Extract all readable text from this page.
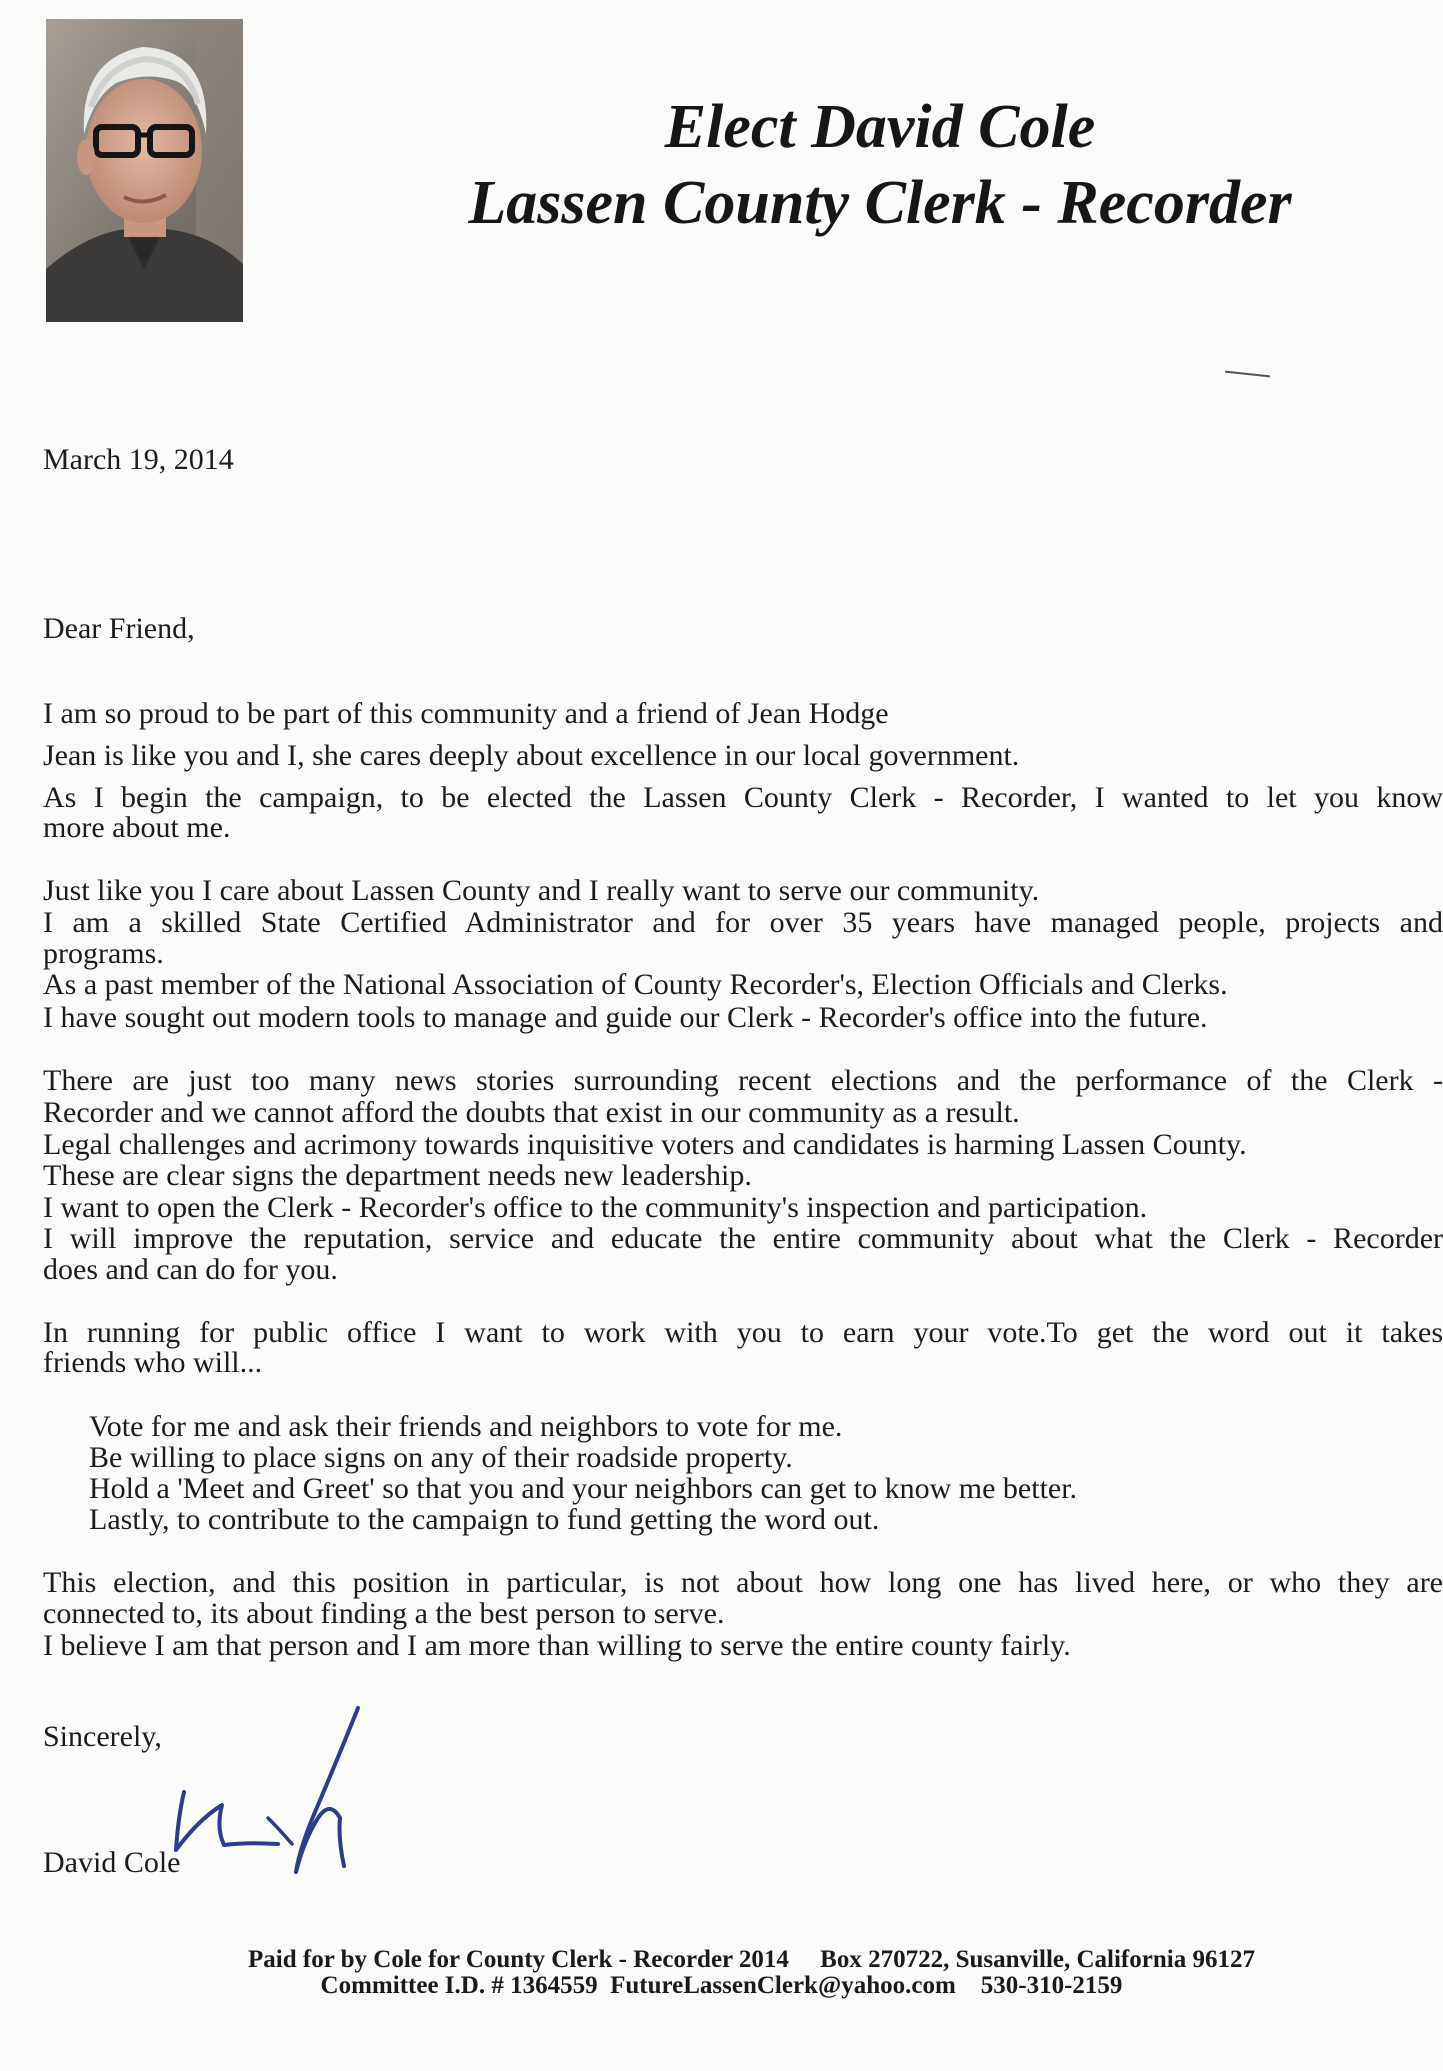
Elect David Cole
Lassen County Clerk - Recorder
March 19, 2014
Dear Friend,
I am so proud to be part of this community and a friend of Jean Hodge
Jean is like you and I, she cares deeply about excellence in our local government.
As I begin the campaign, to be elected the Lassen County Clerk - Recorder, I wanted to let you know
more about me.
Just like you I care about Lassen County and I really want to serve our community.
I am a skilled State Certified Administrator and for over 35 years have managed people, projects and
programs.
As a past member of the National Association of County Recorder's, Election Officials and Clerks.
I have sought out modern tools to manage and guide our Clerk - Recorder's office into the future.
There are just too many news stories surrounding recent elections and the performance of the Clerk -
Recorder and we cannot afford the doubts that exist in our community as a result.
Legal challenges and acrimony towards inquisitive voters and candidates is harming Lassen County.
These are clear signs the department needs new leadership.
I want to open the Clerk - Recorder's office to the community's inspection and participation.
I will improve the reputation, service and educate the entire community about what the Clerk - Recorder
does and can do for you.
In running for public office I want to work with you to earn your vote.To get the word out it takes
friends who will...
Vote for me and ask their friends and neighbors to vote for me.
Be willing to place signs on any of their roadside property.
Hold a 'Meet and Greet' so that you and your neighbors can get to know me better.
Lastly, to contribute to the campaign to fund getting the word out.
This election, and this position in particular, is not about how long one has lived here, or who they are
connected to, its about finding a the best person to serve.
I believe I am that person and I am more than willing to serve the entire county fairly.
Sincerely,
David Cole
Paid for by Cole for County Clerk - Recorder 2014     Box 270722, Susanville, California 96127
Committee I.D. # 1364559  FutureLassenClerk@yahoo.com    530-310-2159
